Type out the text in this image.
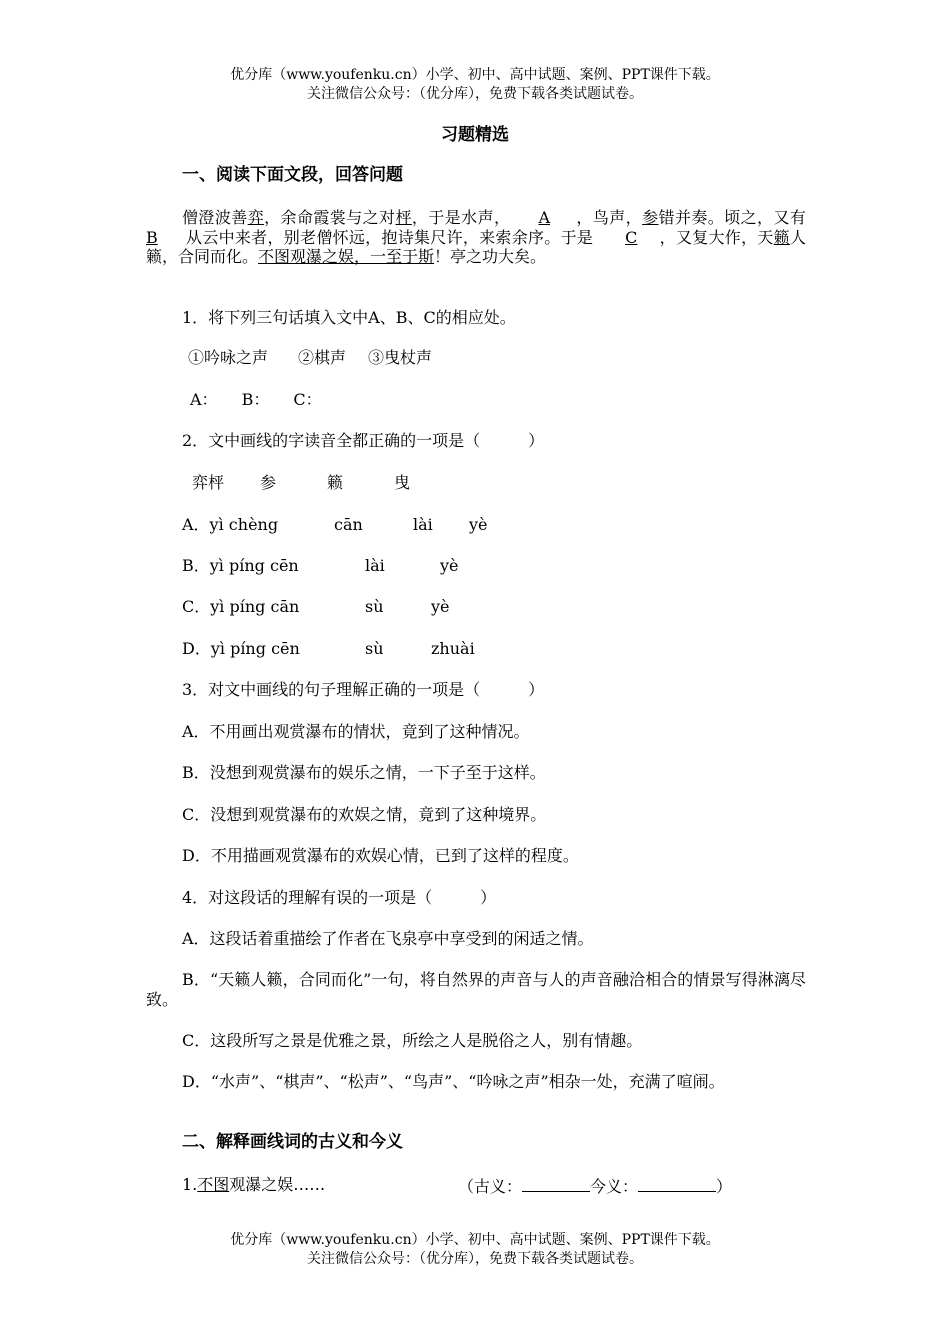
优分库（www.youfenku.cn）小学、初中、高中试题、案例、PPT课件下载。
关注微信公众号：（优分库），免费下载各类试题试卷。
习题精选
一、阅读下面文段，回答问题
僧澄波善弈，余命霞裳与之对枰，于是水声， A ，鸟声，参错并奏。顷之，又有B 从云中来者，别老僧怀远，抱诗集尺许，来索余序。于是 C ，又复大作，天籁人籁，合同而化。不图观瀑之娱，一至于斯！亭之功大矣。
1．将下列三句话填入文中A、B、C的相应处。
①吟咏之声 ②棋声 ③曳杖声
A： B： C：
2．文中画线的字读音全都正确的一项是（　　　）
弈枰 参	籁	曳
A．yì chèng	cān	lài yè
B．yì píng cēn	lài	yè
C．yì píng cān	sù	yè
D．yì píng cēn	sù	zhuài
3．对文中画线的句子理解正确的一项是（　　　）
A．不用画出观赏瀑布的情状，竟到了这种情况。
B．没想到观赏瀑布的娱乐之情，一下子至于这样。
C．没想到观赏瀑布的欢娱之情，竟到了这种境界。
D．不用描画观赏瀑布的欢娱心情，已到了这样的程度。
4．对这段话的理解有误的一项是（　　　）
A．这段话着重描绘了作者在飞泉亭中享受到的闲适之情。
B．“天籁人籁，合同而化”一句，将自然界的声音与人的声音融洽相合的情景写得淋漓尽致。
C．这段所写之景是优雅之景，所绘之人是脱俗之人，别有情趣。
D．“水声”、“棋声”、“松声”、“鸟声”、“吟咏之声”相杂一处，充满了喧闹。
二、解释画线词的古义和今义
1.不图观瀑之娱……	（古义：	今义：	）
优分库（www.youfenku.cn）小学、初中、高中试题、案例、PPT课件下载。
关注微信公众号：（优分库），免费下载各类试题试卷。
